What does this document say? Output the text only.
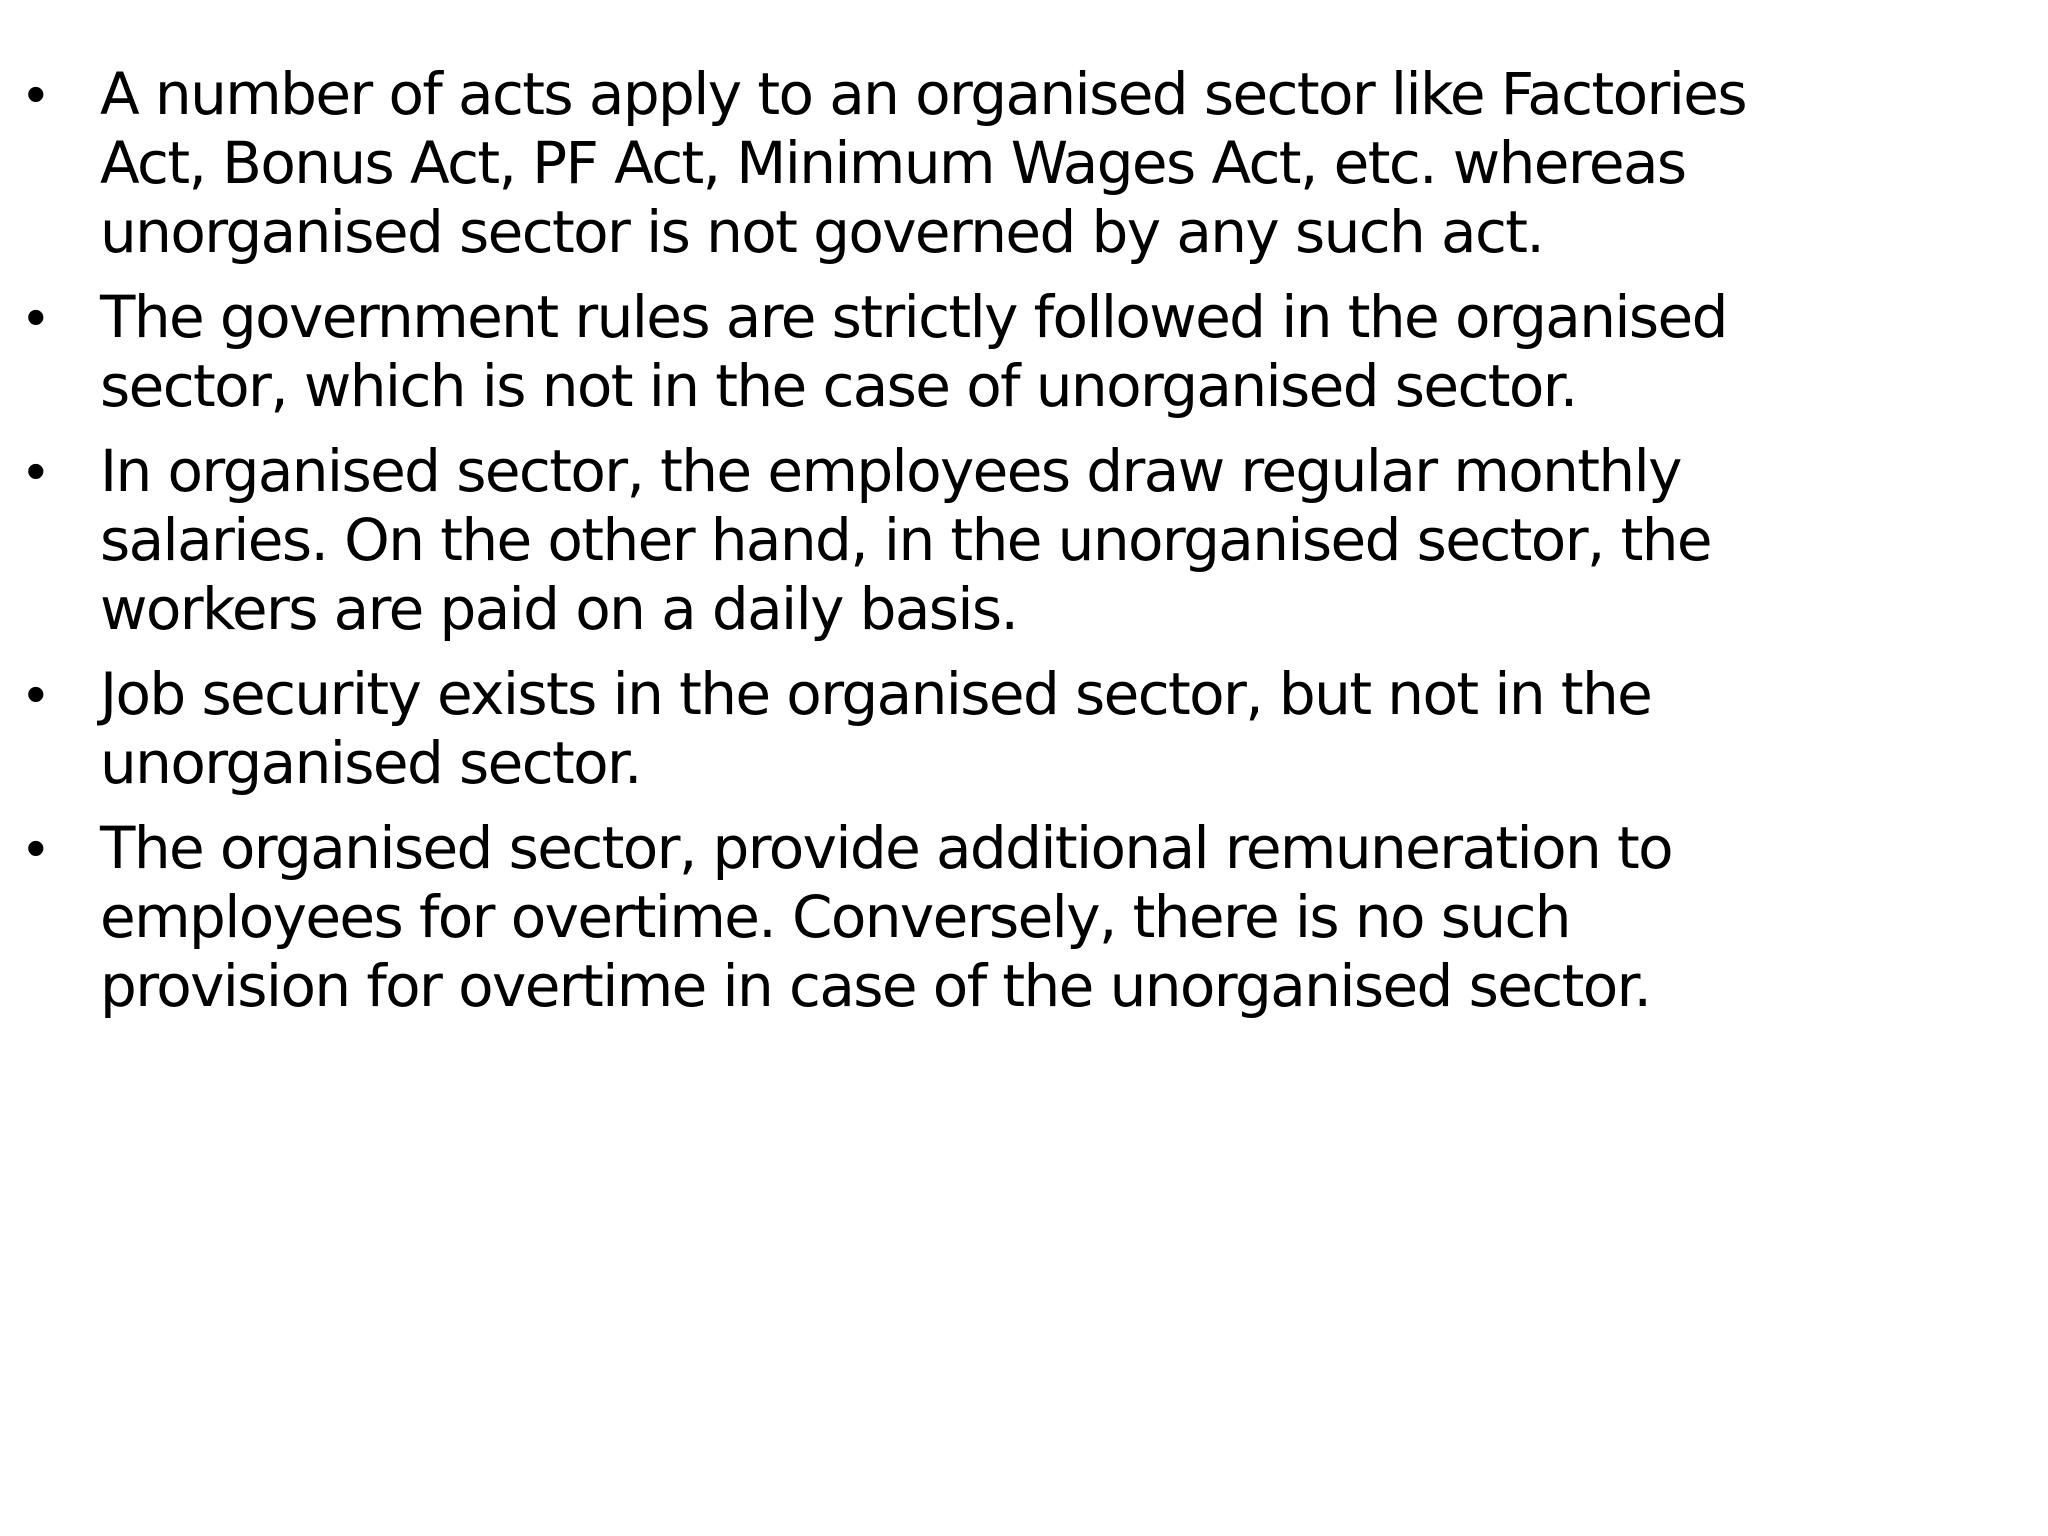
• A number of acts apply to an organised sector like Factories
Act, Bonus Act, PF Act, Minimum Wages Act, etc. whereas
unorganised sector is not governed by any such act.
• The government rules are strictly followed in the organised
sector, which is not in the case of unorganised sector.
• In organised sector, the employees draw regular monthly
salaries. On the other hand, in the unorganised sector, the
workers are paid on a daily basis.
• Job security exists in the organised sector, but not in the
unorganised sector.
• The organised sector, provide additional remuneration to
employees for overtime. Conversely, there is no such
provision for overtime in case of the unorganised sector.
